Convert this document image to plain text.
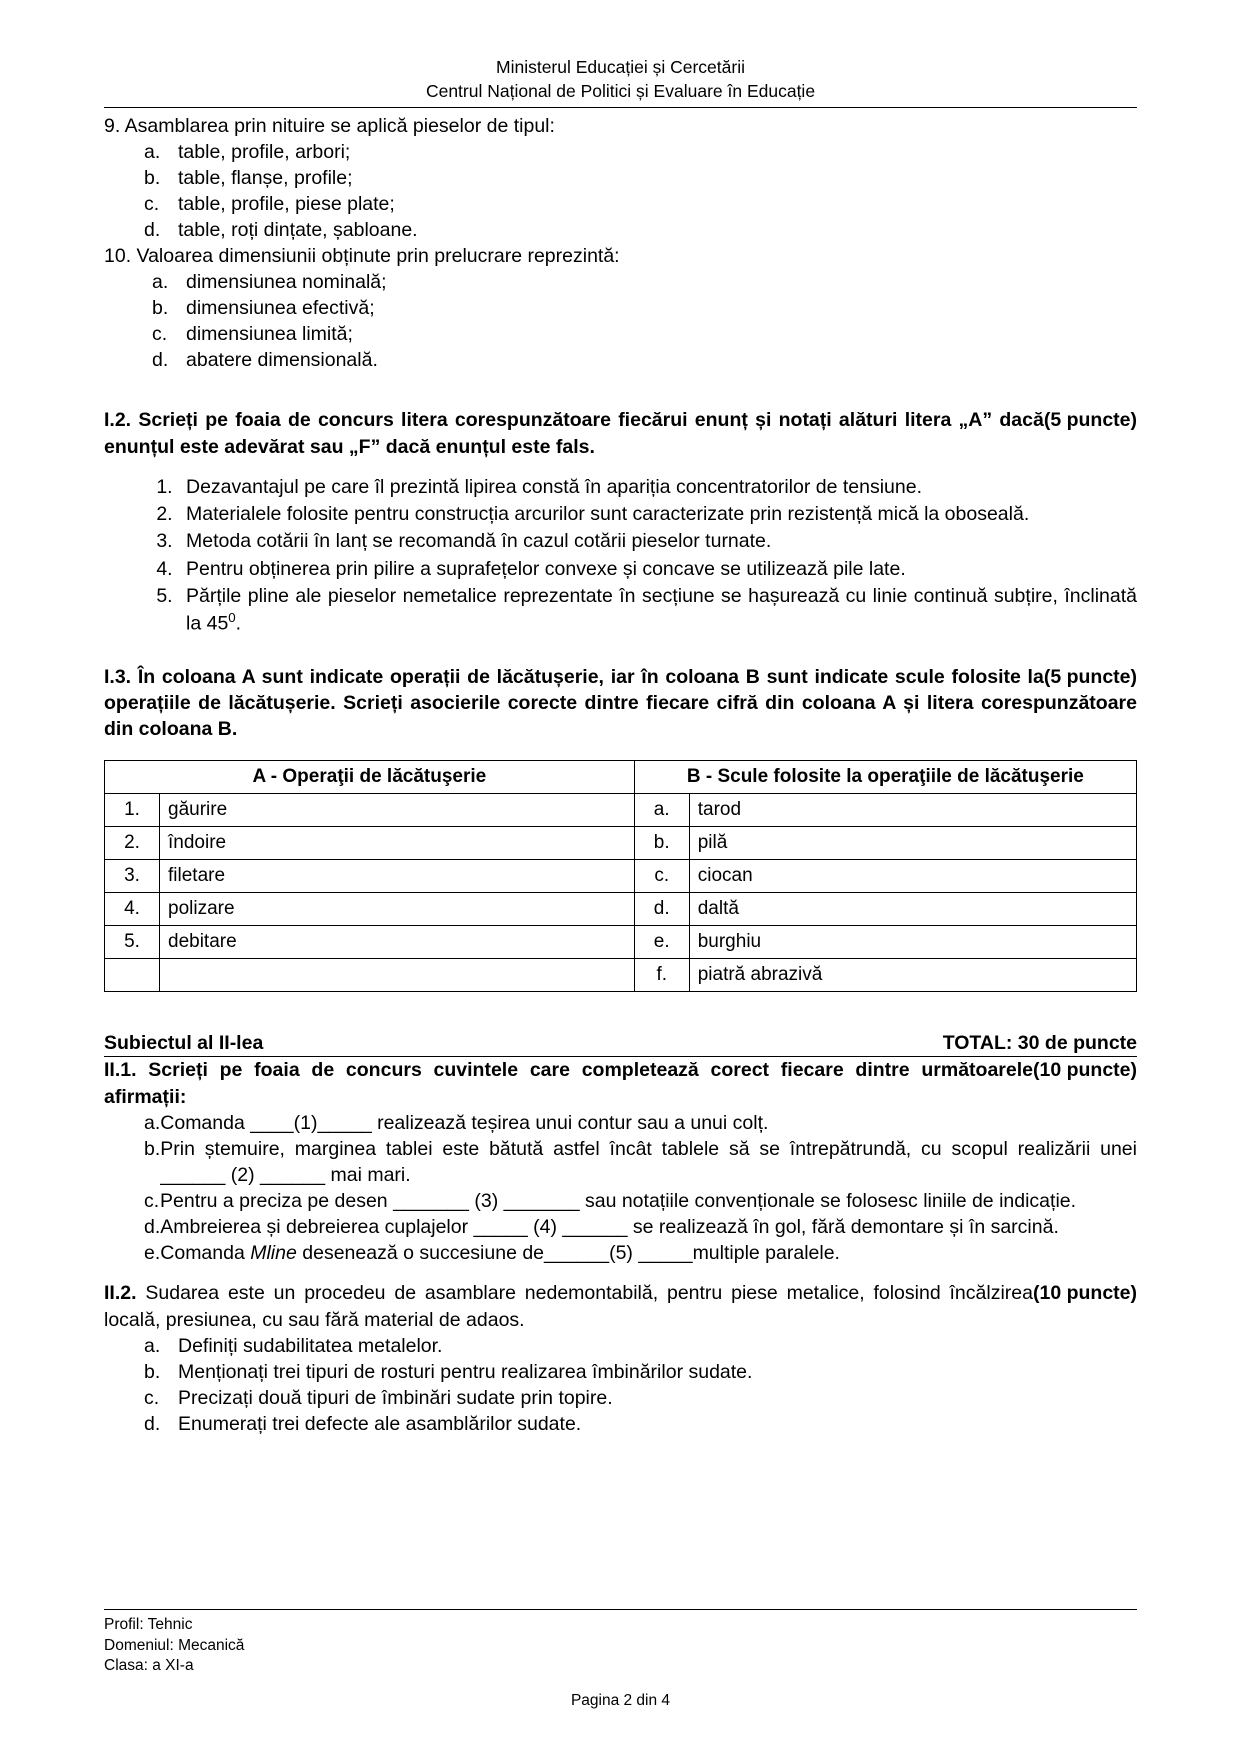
Ministerul Educației și Cercetării
Centrul Național de Politici și Evaluare în Educație
9. Asamblarea prin nituire se aplică pieselor de tipul:
a. table, profile, arbori;
b. table, flanșe, profile;
c. table, profile, piese plate;
d. table, roți dințate, șabloane.
10. Valoarea dimensiunii obținute prin prelucrare reprezintă:
a. dimensiunea nominală;
b. dimensiunea efectivă;
c. dimensiunea limită;
d. abatere dimensională.
(5 puncte)
I.2. Scrieți pe foaia de concurs litera corespunzătoare fiecărui enunț și notați alături litera „A” dacă enunțul este adevărat sau „F” dacă enunțul este fals.
1. Dezavantajul pe care îl prezintă lipirea constă în apariția concentratorilor de tensiune.
2. Materialele folosite pentru construcția arcurilor sunt caracterizate prin rezistență mică la oboseală.
3. Metoda cotării în lanț se recomandă în cazul cotării pieselor turnate.
4. Pentru obținerea prin pilire a suprafețelor convexe și concave se utilizează pile late.
5. Părțile pline ale pieselor nemetalice reprezentate în secțiune se hașurează cu linie continuă subțire, înclinată la $45^0$.
(5 puncte)
I.3. În coloana A sunt indicate operații de lăcătușerie, iar în coloana B sunt indicate scule folosite la operațiile de lăcătușerie. Scrieți asocierile corecte dintre fiecare cifră din coloana A și litera corespunzătoare din coloana B.
A - Operaţii de lăcătuşerie		B - Scule folosite la operaţiile de lăcătuşerie	
1.	găurire	a.	tarod
2.	îndoire	b.	pilă
3.	filetare	c.	ciocan
4.	polizare	d.	daltă
5.	debitare	e.	burghiu
		f.	piatră abrazivă
Subiectul al II-lea	TOTAL: 30 de puncte
(10 puncte)
II.1. Scrieți pe foaia de concurs cuvintele care completează corect fiecare dintre următoarele afirmații:
a. Comanda ____(1)_____ realizează teșirea unui contur sau a unui colț.
b. Prin ștemuire, marginea tablei este bătută astfel încât tablele să se întrepătrundă, cu scopul realizării unei ______ (2) ______ mai mari.
c. Pentru a preciza pe desen _______ (3) _______ sau notațiile convenționale se folosesc liniile de indicație.
d. Ambreierea și debreierea cuplajelor _____ (4) ______ se realizează în gol, fără demontare și în sarcină.
e. Comanda Mline desenează o succesiune de______(5) _____multiple paralele.
(10 puncte)
II.2. Sudarea este un procedeu de asamblare nedemontabilă, pentru piese metalice, folosind încălzirea locală, presiunea, cu sau fără material de adaos.
a. Definiți sudabilitatea metalelor.
b. Menționați trei tipuri de rosturi pentru realizarea îmbinărilor sudate.
c. Precizați două tipuri de îmbinări sudate prin topire.
d. Enumerați trei defecte ale asamblărilor sudate.
Profil: Tehnic
Domeniul: Mecanică
Clasa: a XI-a
Pagina 2 din 4
